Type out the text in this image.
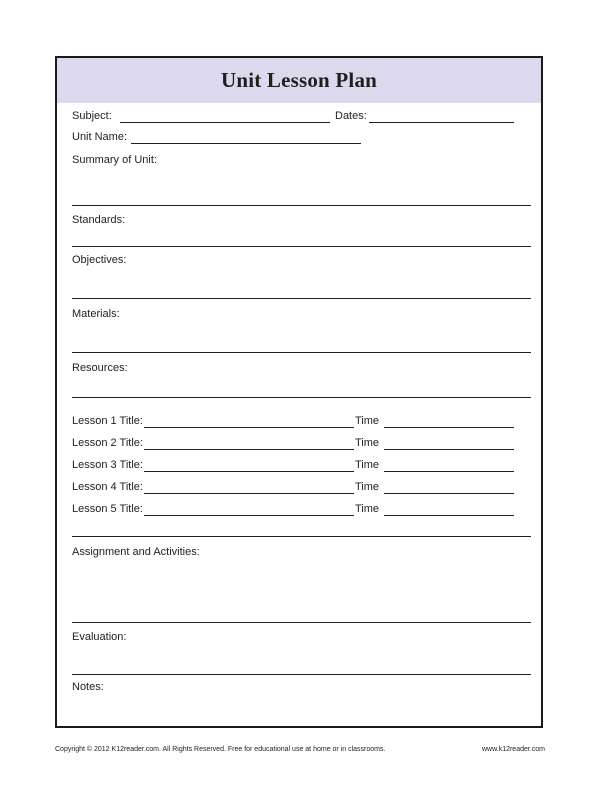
Unit Lesson Plan
Subject:	Dates:
Unit Name:
Summary of Unit:
Standards:
Objectives:
Materials:
Resources:
Lesson 1 Title:	Time
Lesson 2 Title:	Time
Lesson 3 Title:	Time
Lesson 4 Title:	Time
Lesson 5 Title:	Time
Assignment and Activities:
Evaluation:
Notes:
Copyright © 2012 K12reader.com. All Rights Reserved. Free for educational use at home or in classrooms.	www.k12reader.com
